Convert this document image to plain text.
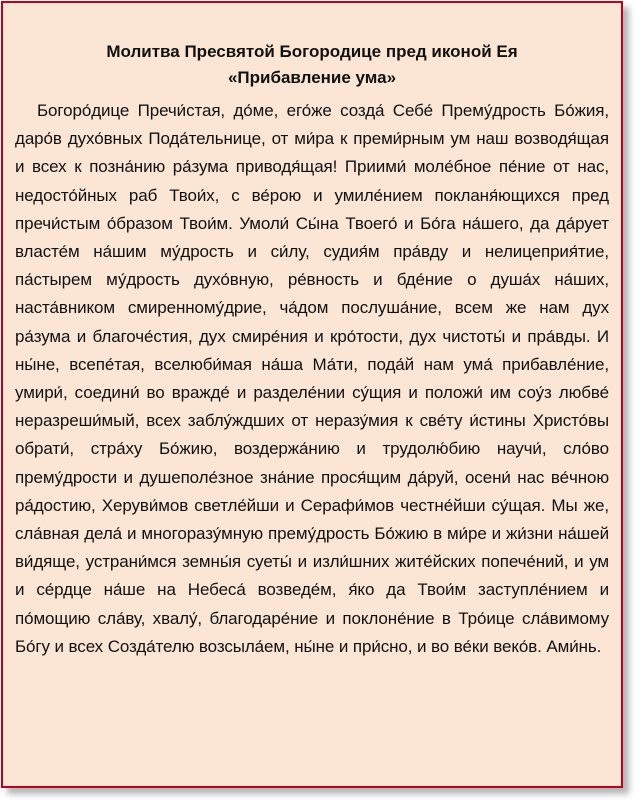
Молитва Пресвятой Богородице пред иконой Ея
«Прибавление ума»

Богоро́дице Пречи́стая, до́ме, его́же созда́ Себе́ Прему́дрость Бо́жия, даро́в духо́вных Пода́тельнице, от ми́ра к преми́рным ум наш возводя́щая и всех к позна́нию ра́зума приводя́щая! Приими́ моле́бное пе́ние от нас, недосто́йных раб Твои́х, с ве́рою и умиле́нием покланя́ющихся пред пречи́стым о́бразом Твои́м. Умоли́ Сы́на Твоего́ и Бо́га на́шего, да да́рует власте́м на́шим му́дрость и си́лу, судия́м пра́вду и нелицеприя́тие, па́стырем му́дрость духо́вную, ре́вность и бде́ние о душа́х на́ших, наста́вником смиренному́дрие, ча́дом послуша́ние, всем же нам дух ра́зума и благоче́стия, дух смире́ния и кро́тости, дух чистоты́ и пра́вды. И ны́не, всепе́тая, вселюби́мая на́ша Ма́ти, пода́й нам ума́ прибавле́ние, умири́, соедини́ во вражде́ и разделе́нии су́щия и положи́ им соу́з любве́ неразреши́мый, всех заблу́ждших от неразу́мия к све́ту и́стины Христо́вы обрати́, стра́ху Бо́жию, воздержа́нию и трудолю́бию научи́, сло́во прему́дрости и душеполе́зное зна́ние прося́щим да́руй, осени́ нас ве́чною ра́достию, Херуви́мов светле́йши и Серафи́мов честне́йши су́щая. Мы же, сла́вная дела́ и многоразу́мную прему́дрость Бо́жию в ми́ре и жи́зни на́шей ви́дяще, устрани́мся земны́я суеты́ и изли́шних жите́йских попече́ний, и ум и се́рдце на́ше на Небеса́ возведе́м, я́ко да Твои́м заступле́нием и по́мощию сла́ву, хвалу́, благодаре́ние и поклоне́ние в Тро́ице сла́вимому Бо́гу и всех Созда́телю возсыла́ем, ны́не и при́сно, и во ве́ки веко́в. Ами́нь.
